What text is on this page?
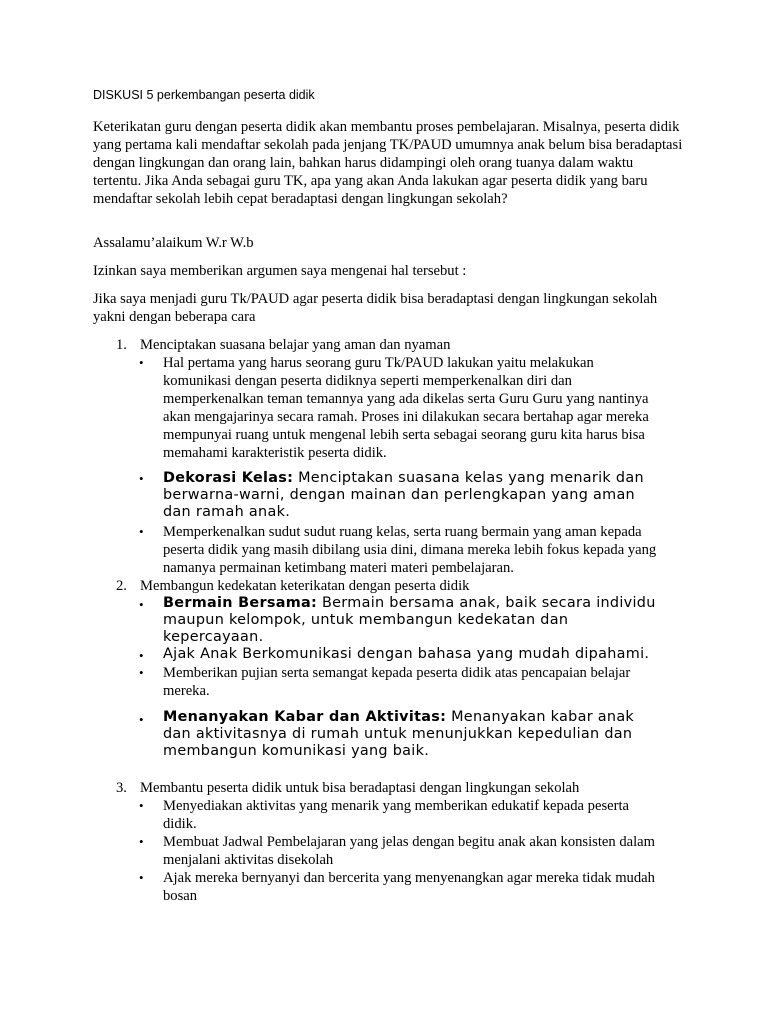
DISKUSI 5 perkembangan peserta didik

Keterikatan guru dengan peserta didik akan membantu proses pembelajaran. Misalnya, peserta didik yang pertama kali mendaftar sekolah pada jenjang TK/PAUD umumnya anak belum bisa beradaptasi dengan lingkungan dan orang lain, bahkan harus didampingi oleh orang tuanya dalam waktu tertentu. Jika Anda sebagai guru TK, apa yang akan Anda lakukan agar peserta didik yang baru mendaftar sekolah lebih cepat beradaptasi dengan lingkungan sekolah?

Assalamu’alaikum W.r W.b

Izinkan saya memberikan argumen saya mengenai hal tersebut :

Jika saya menjadi guru Tk/PAUD agar peserta didik bisa beradaptasi dengan lingkungan sekolah yakni dengan beberapa cara

1. Menciptakan suasana belajar yang aman dan nyaman
•	Hal pertama yang harus seorang guru Tk/PAUD lakukan yaitu melakukan komunikasi dengan peserta didiknya seperti memperkenalkan diri dan memperkenalkan teman temannya yang ada dikelas serta Guru Guru yang nantinya akan mengajarinya secara ramah. Proses ini dilakukan secara bertahap agar mereka mempunyai ruang untuk mengenal lebih serta sebagai seorang guru kita harus bisa memahami karakteristik peserta didik.

•	Dekorasi Kelas: Menciptakan suasana kelas yang menarik dan berwarna-warni, dengan mainan dan perlengkapan yang aman dan ramah anak.

•	Memperkenalkan sudut sudut ruang kelas, serta ruang bermain yang aman kepada peserta didik yang masih dibilang usia dini, dimana mereka lebih fokus kepada yang namanya permainan ketimbang materi materi pembelajaran.

2. Membangun kedekatan keterikatan dengan peserta didik
•	Bermain Bersama: Bermain bersama anak, baik secara individu maupun kelompok, untuk membangun kedekatan dan kepercayaan.

•	Ajak Anak Berkomunikasi dengan bahasa yang mudah dipahami.

•	Memberikan pujian serta semangat kepada peserta didik atas pencapaian belajar mereka.

•	Menanyakan Kabar dan Aktivitas: Menanyakan kabar anak dan aktivitasnya di rumah untuk menunjukkan kepedulian dan membangun komunikasi yang baik.

3. Membantu peserta didik untuk bisa beradaptasi dengan lingkungan sekolah
•	Menyediakan aktivitas yang menarik yang memberikan edukatif kepada peserta didik.

•	Membuat Jadwal Pembelajaran yang jelas dengan begitu anak akan konsisten dalam menjalani aktivitas disekolah

•	Ajak mereka bernyanyi dan bercerita yang menyenangkan agar mereka tidak mudah bosan
